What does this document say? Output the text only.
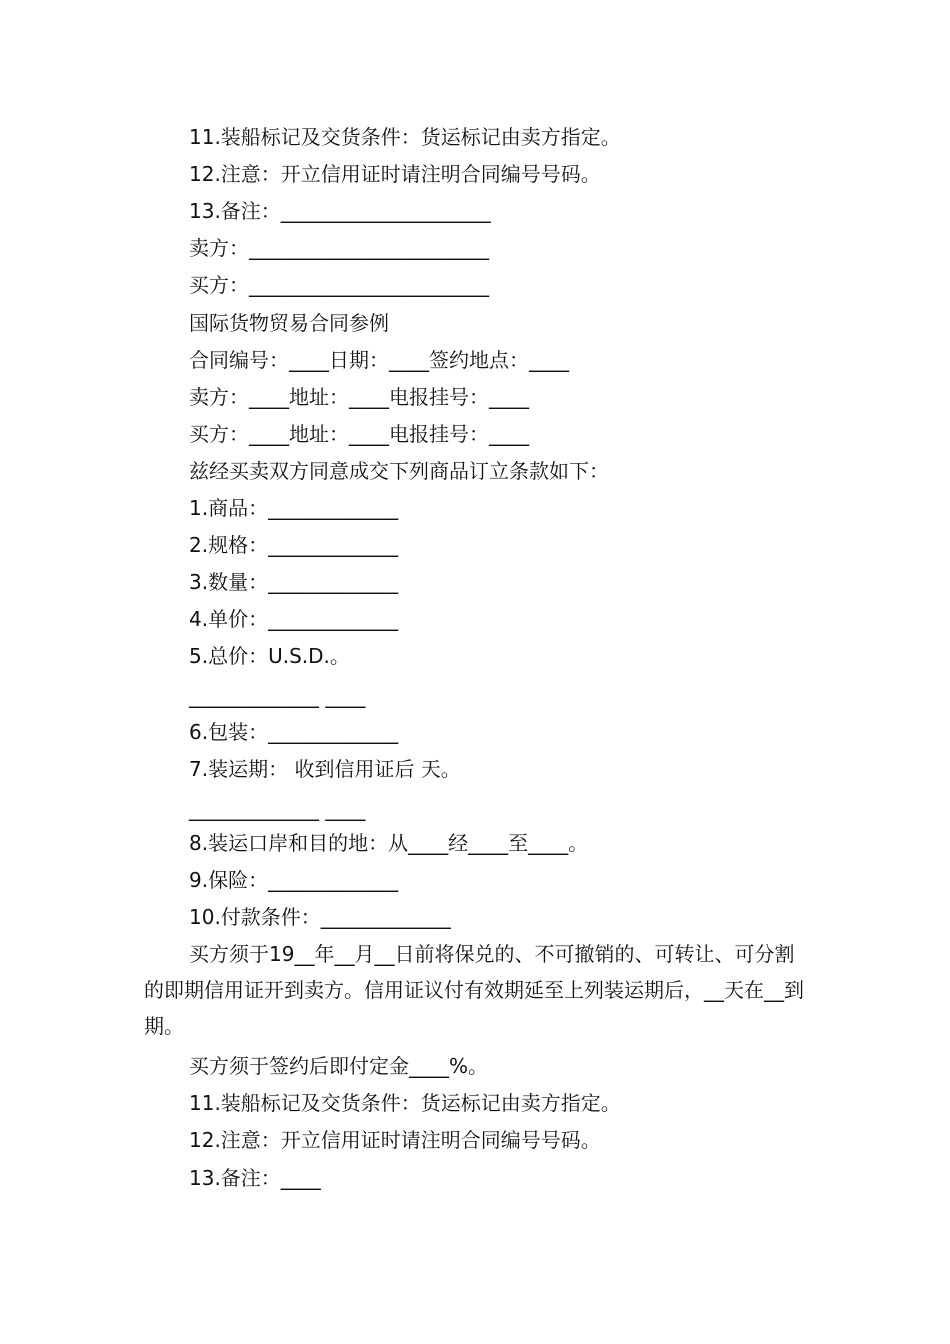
11.装船标记及交货条件：货运标记由卖方指定。
12.注意：开立信用证时请注明合同编号号码。
13.备注：_____________________
卖方：________________________
买方：________________________
国际货物贸易合同参例
合同编号：____日期：____签约地点：____
卖方：____地址：____电报挂号：____
买方：____地址：____电报挂号：____
兹经买卖双方同意成交下列商品订立条款如下：
1.商品：_____________
2.规格：_____________
3.数量：_____________
4.单价：_____________
5.总价：U.S.D.。
_____________ ____
6.包装：_____________
7.装运期： 收到信用证后 天。
_____________ ____
8.装运口岸和目的地：从____经____至____。
9.保险：_____________
10.付款条件：_____________
买方须于19__年__月__日前将保兑的、不可撤销的、可转让、可分割的即期信用证开到卖方。信用证议付有效期延至上列装运期后，__天在__到期。
买方须于签约后即付定金____%。
11.装船标记及交货条件：货运标记由卖方指定。
12.注意：开立信用证时请注明合同编号号码。
13.备注：____
